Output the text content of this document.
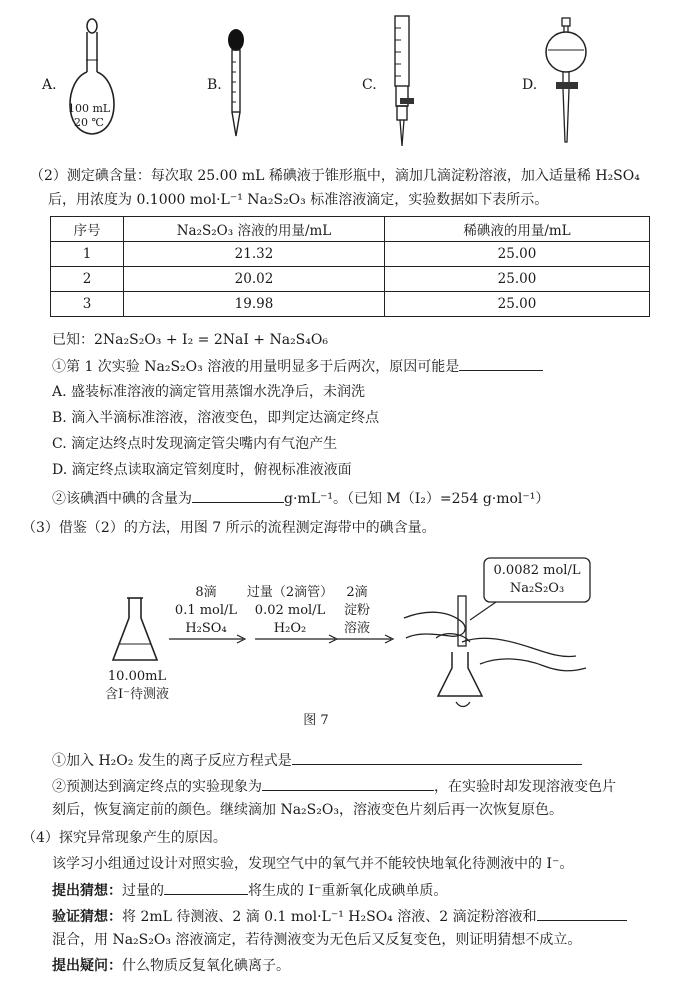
A.
100 mL
20 ℃
B.	C.	D.
（2）测定碘含量：每次取 25.00 mL 稀碘液于锥形瓶中，滴加几滴淀粉溶液，加入适量稀 H₂SO₄
后，用浓度为 0.1000 mol·L⁻¹ Na₂S₂O₃ 标准溶液滴定，实验数据如下表所示。
序号	Na₂S₂O₃ 溶液的用量/mL	稀碘液的用量/mL
1	21.32	25.00
2	20.02	25.00
3	19.98	25.00
已知：2Na₂S₂O₃ + I₂ = 2NaI + Na₂S₄O₆
①第 1 次实验 Na₂S₂O₃ 溶液的用量明显多于后两次，原因可能是
A. 盛装标准溶液的滴定管用蒸馏水洗净后，未润洗
B. 滴入半滴标准溶液，溶液变色，即判定达滴定终点
C. 滴定达终点时发现滴定管尖嘴内有气泡产生
D. 滴定终点读取滴定管刻度时，俯视标准液液面
②该碘酒中碘的含量为	g·mL⁻¹。（已知 M（I₂）=254 g·mol⁻¹）
（3）借鉴（2）的方法，用图 7 所示的流程测定海带中的碘含量。
10.00mL
含I⁻待测液
8滴
0.1 mol/L
H₂SO₄
过量（2滴管）
0.02 mol/L
H₂O₂
2滴
淀粉
溶液
0.0082 mol/L
Na₂S₂O₃
图 7
①加入 H₂O₂ 发生的离子反应方程式是
②预测达到滴定终点的实验现象为	，在实验时却发现溶液变色片
刻后，恢复滴定前的颜色。继续滴加 Na₂S₂O₃，溶液变色片刻后再一次恢复原色。
（4）探究异常现象产生的原因。
该学习小组通过设计对照实验，发现空气中的氧气并不能较快地氧化待测液中的 I⁻。
提出猜想：过量的	将生成的 I⁻重新氧化成碘单质。
验证猜想：将 2mL 待测液、2 滴 0.1 mol·L⁻¹ H₂SO₄ 溶液、2 滴淀粉溶液和
混合，用 Na₂S₂O₃ 溶液滴定，若待测液变为无色后又反复变色，则证明猜想不成立。
提出疑问：什么物质反复氧化碘离子。
